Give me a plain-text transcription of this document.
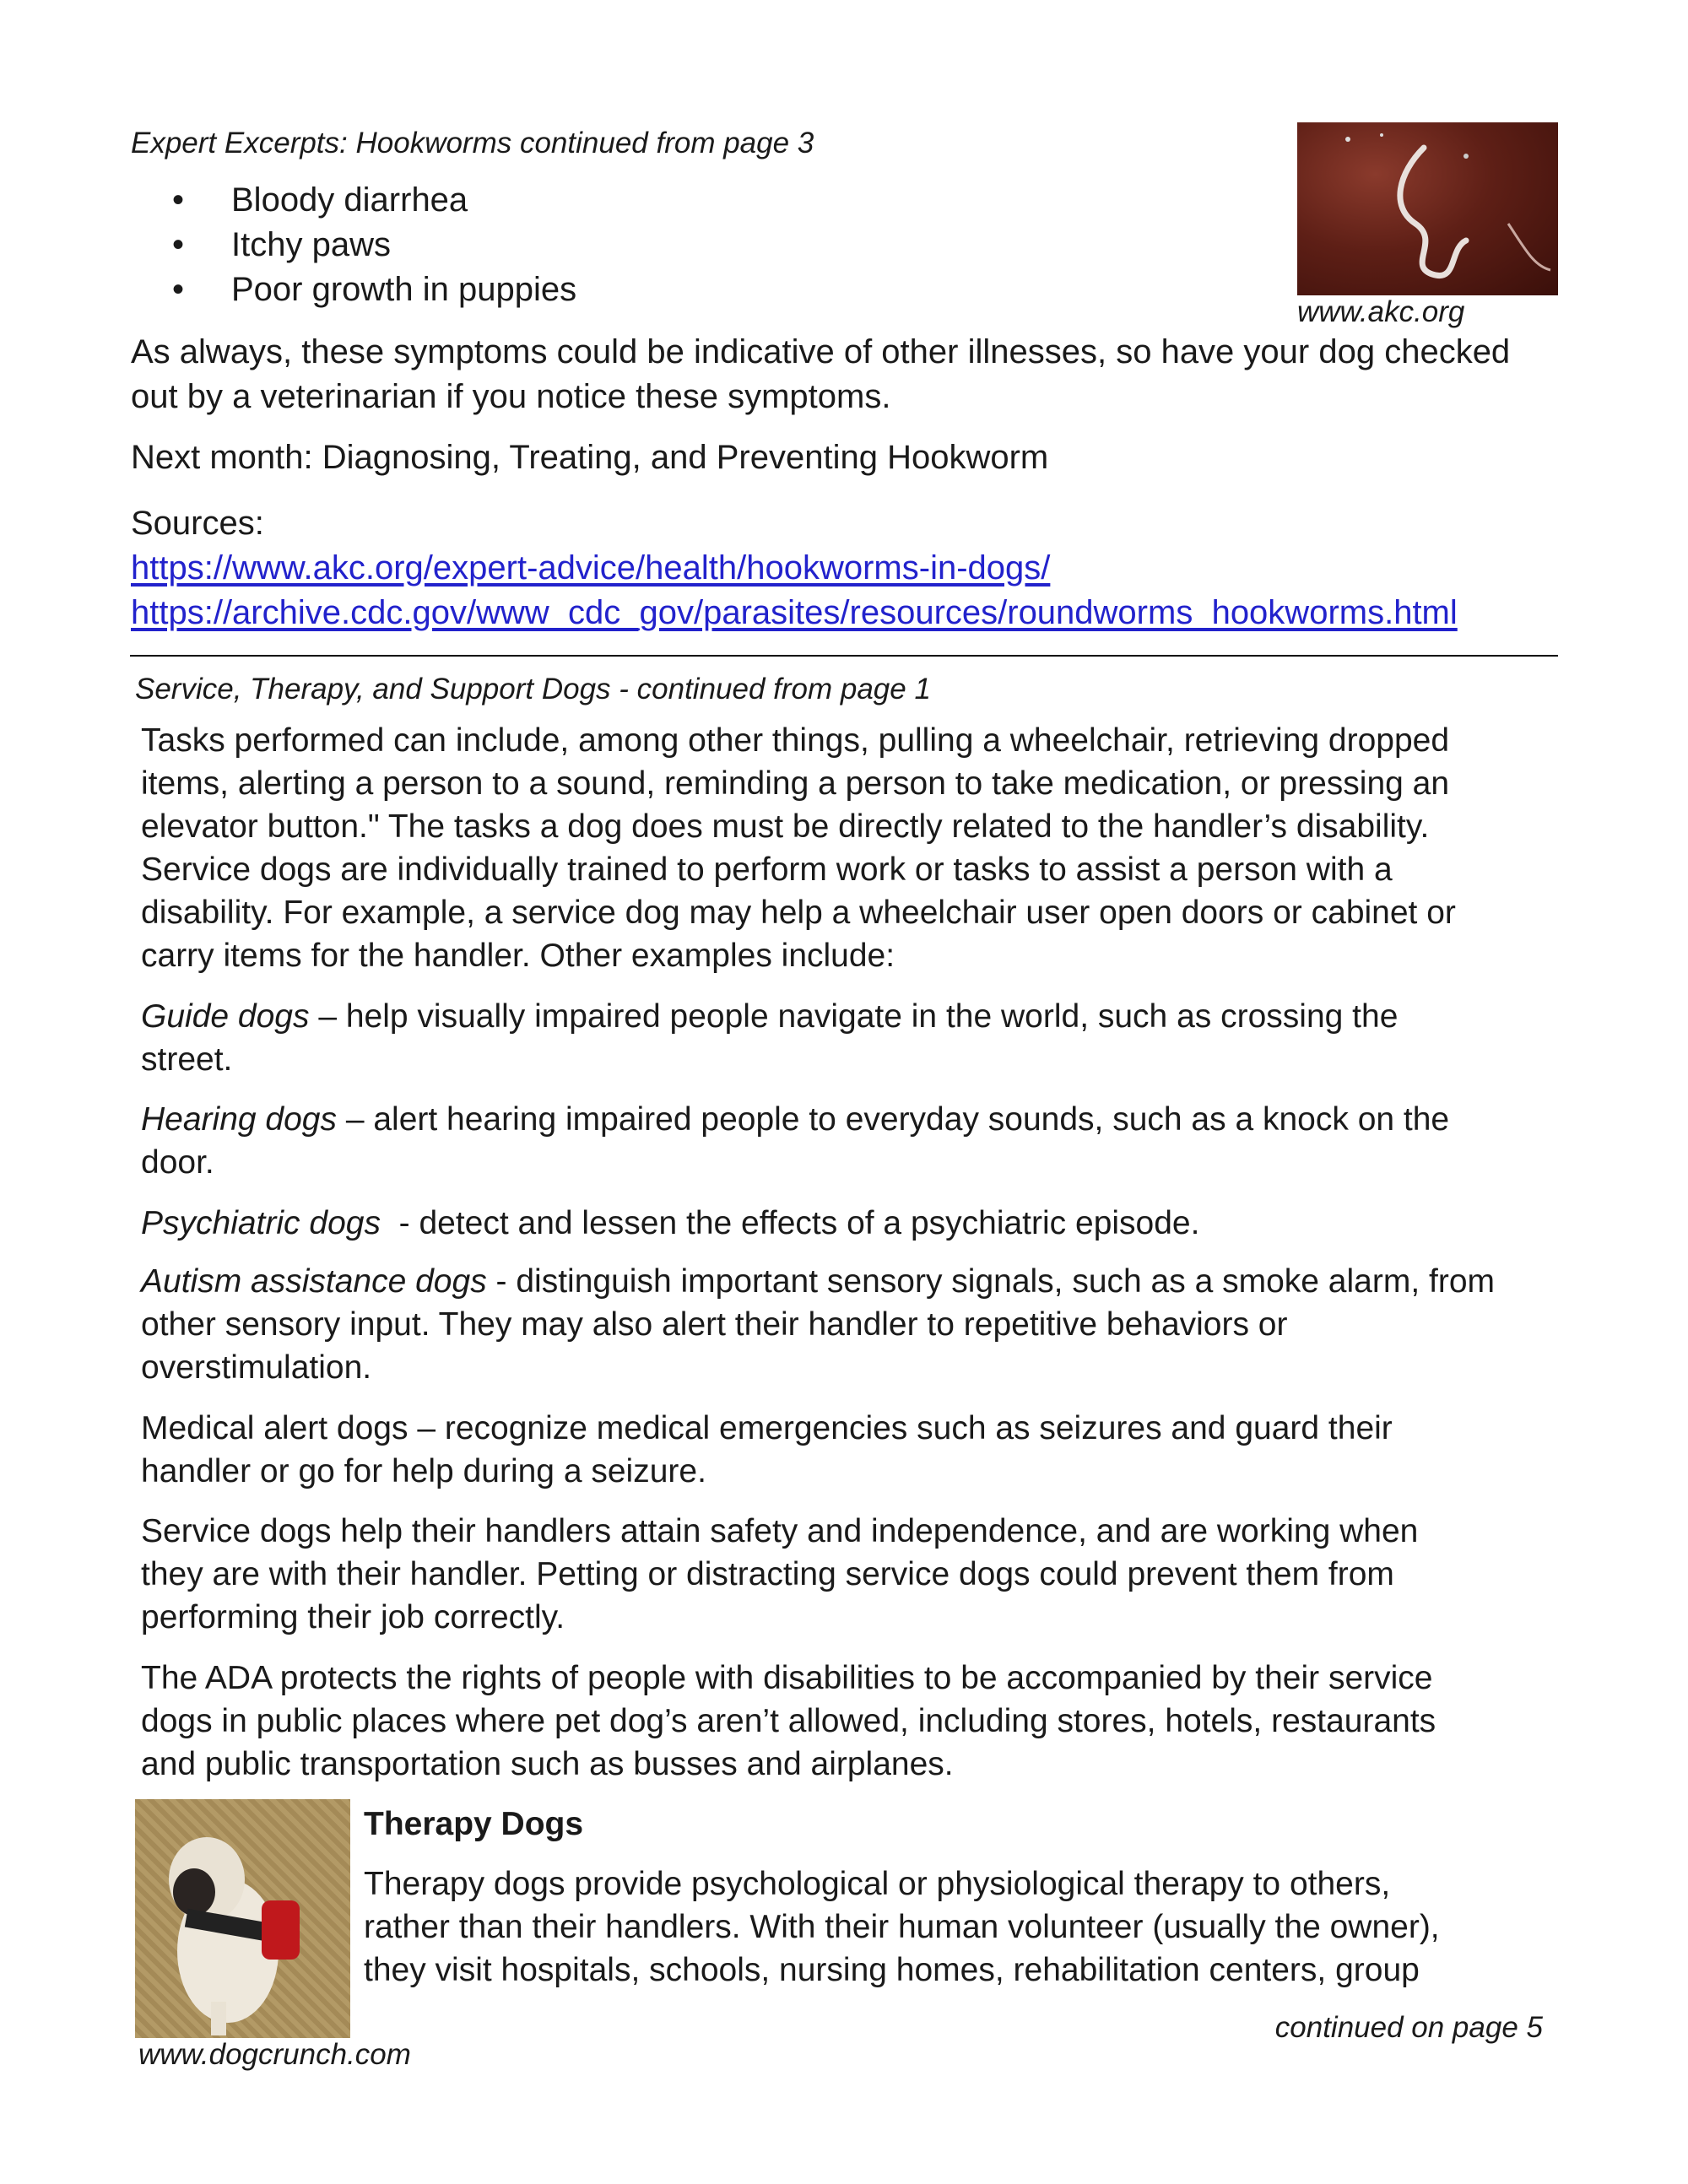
Expert Excerpts: Hookworms continued from page 3
• Bloody diarrhea
• Itchy paws
• Poor growth in puppies
www.akc.org
As always, these symptoms could be indicative of other illnesses, so have your dog checked
out by a veterinarian if you notice these symptoms.
Next month: Diagnosing, Treating, and Preventing Hookworm
Sources:
https://www.akc.org/expert-advice/health/hookworms-in-dogs/
https://archive.cdc.gov/www_cdc_gov/parasites/resources/roundworms_hookworms.html
Service, Therapy, and Support Dogs - continued from page 1
Tasks performed can include, among other things, pulling a wheelchair, retrieving dropped
items, alerting a person to a sound, reminding a person to take medication, or pressing an
elevator button." The tasks a dog does must be directly related to the handler’s disability.
Service dogs are individually trained to perform work or tasks to assist a person with a
disability. For example, a service dog may help a wheelchair user open doors or cabinet or
carry items for the handler. Other examples include:
Guide dogs – help visually impaired people navigate in the world, such as crossing the
street.
Hearing dogs – alert hearing impaired people to everyday sounds, such as a knock on the
door.
Psychiatric dogs  - detect and lessen the effects of a psychiatric episode.
Autism assistance dogs - distinguish important sensory signals, such as a smoke alarm, from
other sensory input. They may also alert their handler to repetitive behaviors or
overstimulation.
Medical alert dogs – recognize medical emergencies such as seizures and guard their
handler or go for help during a seizure.
Service dogs help their handlers attain safety and independence, and are working when
they are with their handler. Petting or distracting service dogs could prevent them from
performing their job correctly.
The ADA protects the rights of people with disabilities to be accompanied by their service
dogs in public places where pet dog’s aren’t allowed, including stores, hotels, restaurants
and public transportation such as busses and airplanes.
www.dogcrunch.com
Therapy Dogs
Therapy dogs provide psychological or physiological therapy to others,
rather than their handlers. With their human volunteer (usually the owner),
they visit hospitals, schools, nursing homes, rehabilitation centers, group
continued on page 5
